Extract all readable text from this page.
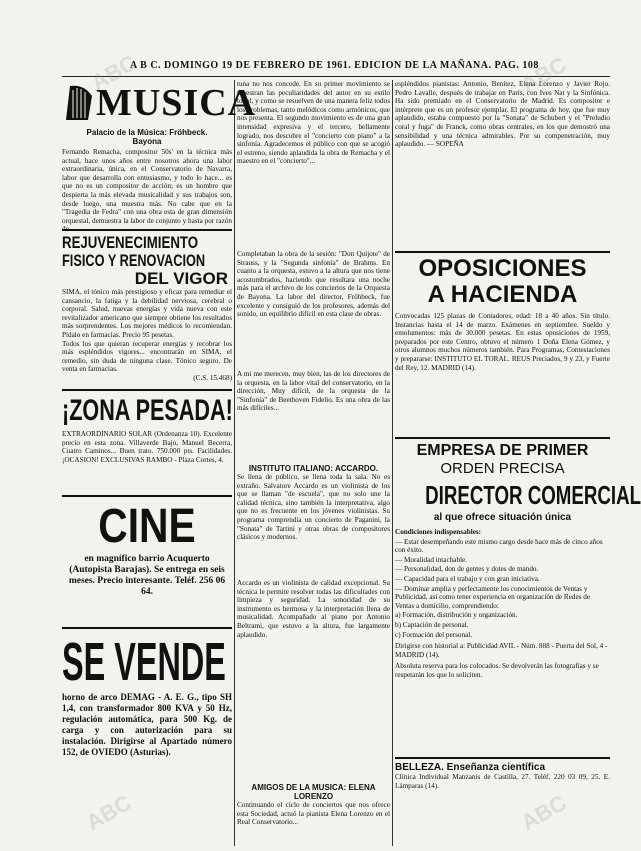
A B C. DOMINGO 19 DE FEBRERO DE 1961. EDICION DE LA MAÑANA. PAG. 108
ABC	ABC
ABC	ABC
MUSICA
Palacio de la Música: Fröhbeck.
Bayona

Fernando Remacha, compositor 50s' en la técnica más actual, hace unos años entre nosotros ahora una labor extraordinaria, única, en el Conservatorio de Navarra, labor que desarrolla con entusiasmo, y todo lo hace... es que no es un compositor de acción; es un hombre que despierta la más elevada musicalidad y sus trabajos son, desde luego, una muestra más. No cabe que en la "Tragedia de Fedra" con una obra esta de gran dimensión orquestal, demuestra la labor de conjunto y hasta por razón de...

REJUVENECIMIENTO
FISICO Y RENOVACION
DEL VIGOR

SIMA, el tónico más prestigioso y eficaz para remediar el cansancio, la fatiga y la debilidad nerviosa, cerebral o corporal. Salud, nuevas energías y vida nueva con este revitalizador americano que siempre obtiene los resultados más sorprendentes. Los mejores médicos lo recomiendan. Pídalo en farmacias. Precio 95 pesetas.

Todos los que quieran recuperar energías y recobrar los más espléndidos vigores... encontrarán en SIMA, el remedio, sin duda de ninguna clase. Tónico seguro. De venta en farmacias.

(C.S. 15.468)

¡ZONA PESADA!

EXTRAORDINARIO SOLAR (Ordenanza 10). Excelente precio en esta zona. Villaverde Bajo, Manuel Becerra, Cuatro Caminos... Buen trato. 750.000 pts. Facilidades. ¡OCASION! EXCLUSIVAS RAMBO - Plaza Cortes, 4.

CINE

en magnífico barrio Acuquerto (Autopista Barajas). Se entrega en seis meses. Precio interesante. Teléf. 256 06 64.

SE VENDE

horno de arco DEMAG - A. E. G., tipo SH 1,4, con transformador 800 KVA y 50 Hz, regulación automática, para 500 Kg. de carga y con autorización para su instalación. Dirigirse al Apartado número 152, de OVIEDO (Asturias).

tuna no nos concede. En su primer movimiento se muestran las peculiaridades del autor en su estilo tonal, y como se resuelven de una manera feliz todos los problemas, tanto melódicos como armónicos, que nos presenta. El segundo movimiento es de una gran intensidad expresiva y el tercero, bellamente logrado, nos descubre el "concierto con piano" a la sinfonía. Agradecemos el público con que se acogió el estreno, siendo aplaudida la obra de Remacha y el maestro en el "concierto"...

Completaban la obra de la sesión: "Don Quijote" de Strauss, y la "Segunda sinfonía" de Brahms. En cuanto a la orquesta, estuvo a la altura que nos tiene acostumbrados, haciendo que resultara una noche más para el archivo de los conciertos de la Orquesta de Bayona. La labor del director, Fröhbeck, fue excelente y consiguió de los profesores, además del sonido, un equilibrio difícil en esta clase de obras.

A mi me merecen, muy bien, las de los directores de la orquesta, en la labor vital del conservatorio, en la dirección, Muy difícil, de la orquesta de la "Sinfonía" de Beethoven Fidelio. Es una obra de las más difíciles...

INSTITUTO ITALIANO: ACCARDO.

Se llena de público, se llena toda la sala. No es extraño. Salvatore Accardo es un violinista de los que se llaman "de escuela", que no solo une la calidad técnica, sino también la interpretativa, algo que no es frecuente en los jóvenes violinistas. Su programa comprendía un concierto de Paganini, la "Sonata" de Tartini y otras obras de compositores clásicos y modernos.

Accardo es un violinista de calidad excepcional. Su técnica le permite resolver todas las dificultades con limpieza y seguridad. La sonoridad de su instrumento es hermosa y la interpretación llena de musicalidad. Acompañado al piano por Antonio Beltrami, que estuvo a la altura, fue largamente aplaudido.

AMIGOS DE LA MUSICA: ELENA LORENZO

Continuando el ciclo de conciertos que nos ofrece esta Sociedad, actuó la pianista Elena Lorenzo en el Real Conservatorio...

espléndidos pianistas: Antonio, Benítez, Elena Lorenzo y Javier Rojo. Pedro Lavalle, después de trabajar en París, con Ives Nat y la Sinfónica. Ha sido premiado en el Conservatorio de Madrid. Es compositor e intérprete que es un profesor ejemplar. El programa de hoy, que fue muy aplaudido, estaba compuesto por la "Sonata" de Schubert y el "Preludio coral y fuga" de Franck, como obras centrales, en los que demostró una sensibilidad y una técnica admirables. Por su compenetración, muy aplaudido. — SOPEÑA

OPOSICIONES
A HACIENDA

Convocadas 125 plazas de Contadores, edad: 18 a 40 años. Sin título. Instancias hasta el 14 de marzo. Exámenes en septiembre. Sueldo y emolumentos: más de 30.000 pesetas. En estas oposiciones de 1959, preparados por este Centro, obtuvo el número 1 Doña Elena Gómez, y otros alumnos muchos números también. Para Programas, Contestaciones y prepararse: INSTITUTO EL TORAL. REUS Preciados, 9 y 23, y Fuerte del Rey, 12. MADRID (14).

EMPRESA DE PRIMER
ORDEN PRECISA
DIRECTOR COMERCIAL
al que ofrece situación única
Condiciones indispensables:
— Estar desempeñando este mismo cargo desde hace más de cinco años con éxito.
— Moralidad intachable.
— Personalidad, don de gentes y dotes de mando.
— Capacidad para el trabajo y con gran iniciativa.
— Dominar amplia y perfectamente los conocimientos de Ventas y Publicidad, así como tener experiencia en organización de Redes de Ventas a domicilio, comprendiendo:
a) Formación, distribución y organización.
b) Captación de personal.
c) Formación del personal.
Dirigirse con historial a: Publicidad AVIL - Núm. 888 - Puerta del Sol, 4 - MADRID (14).
Absoluta reserva para los colocados. Se devolverán las fotografías y se respetarán los que lo soliciten.
BELLEZA. Enseñanza científica

Clínica Individual Manzanis de Castilla, 27. Teléf. 220 03 09, 25. E. Lámparas (14).
